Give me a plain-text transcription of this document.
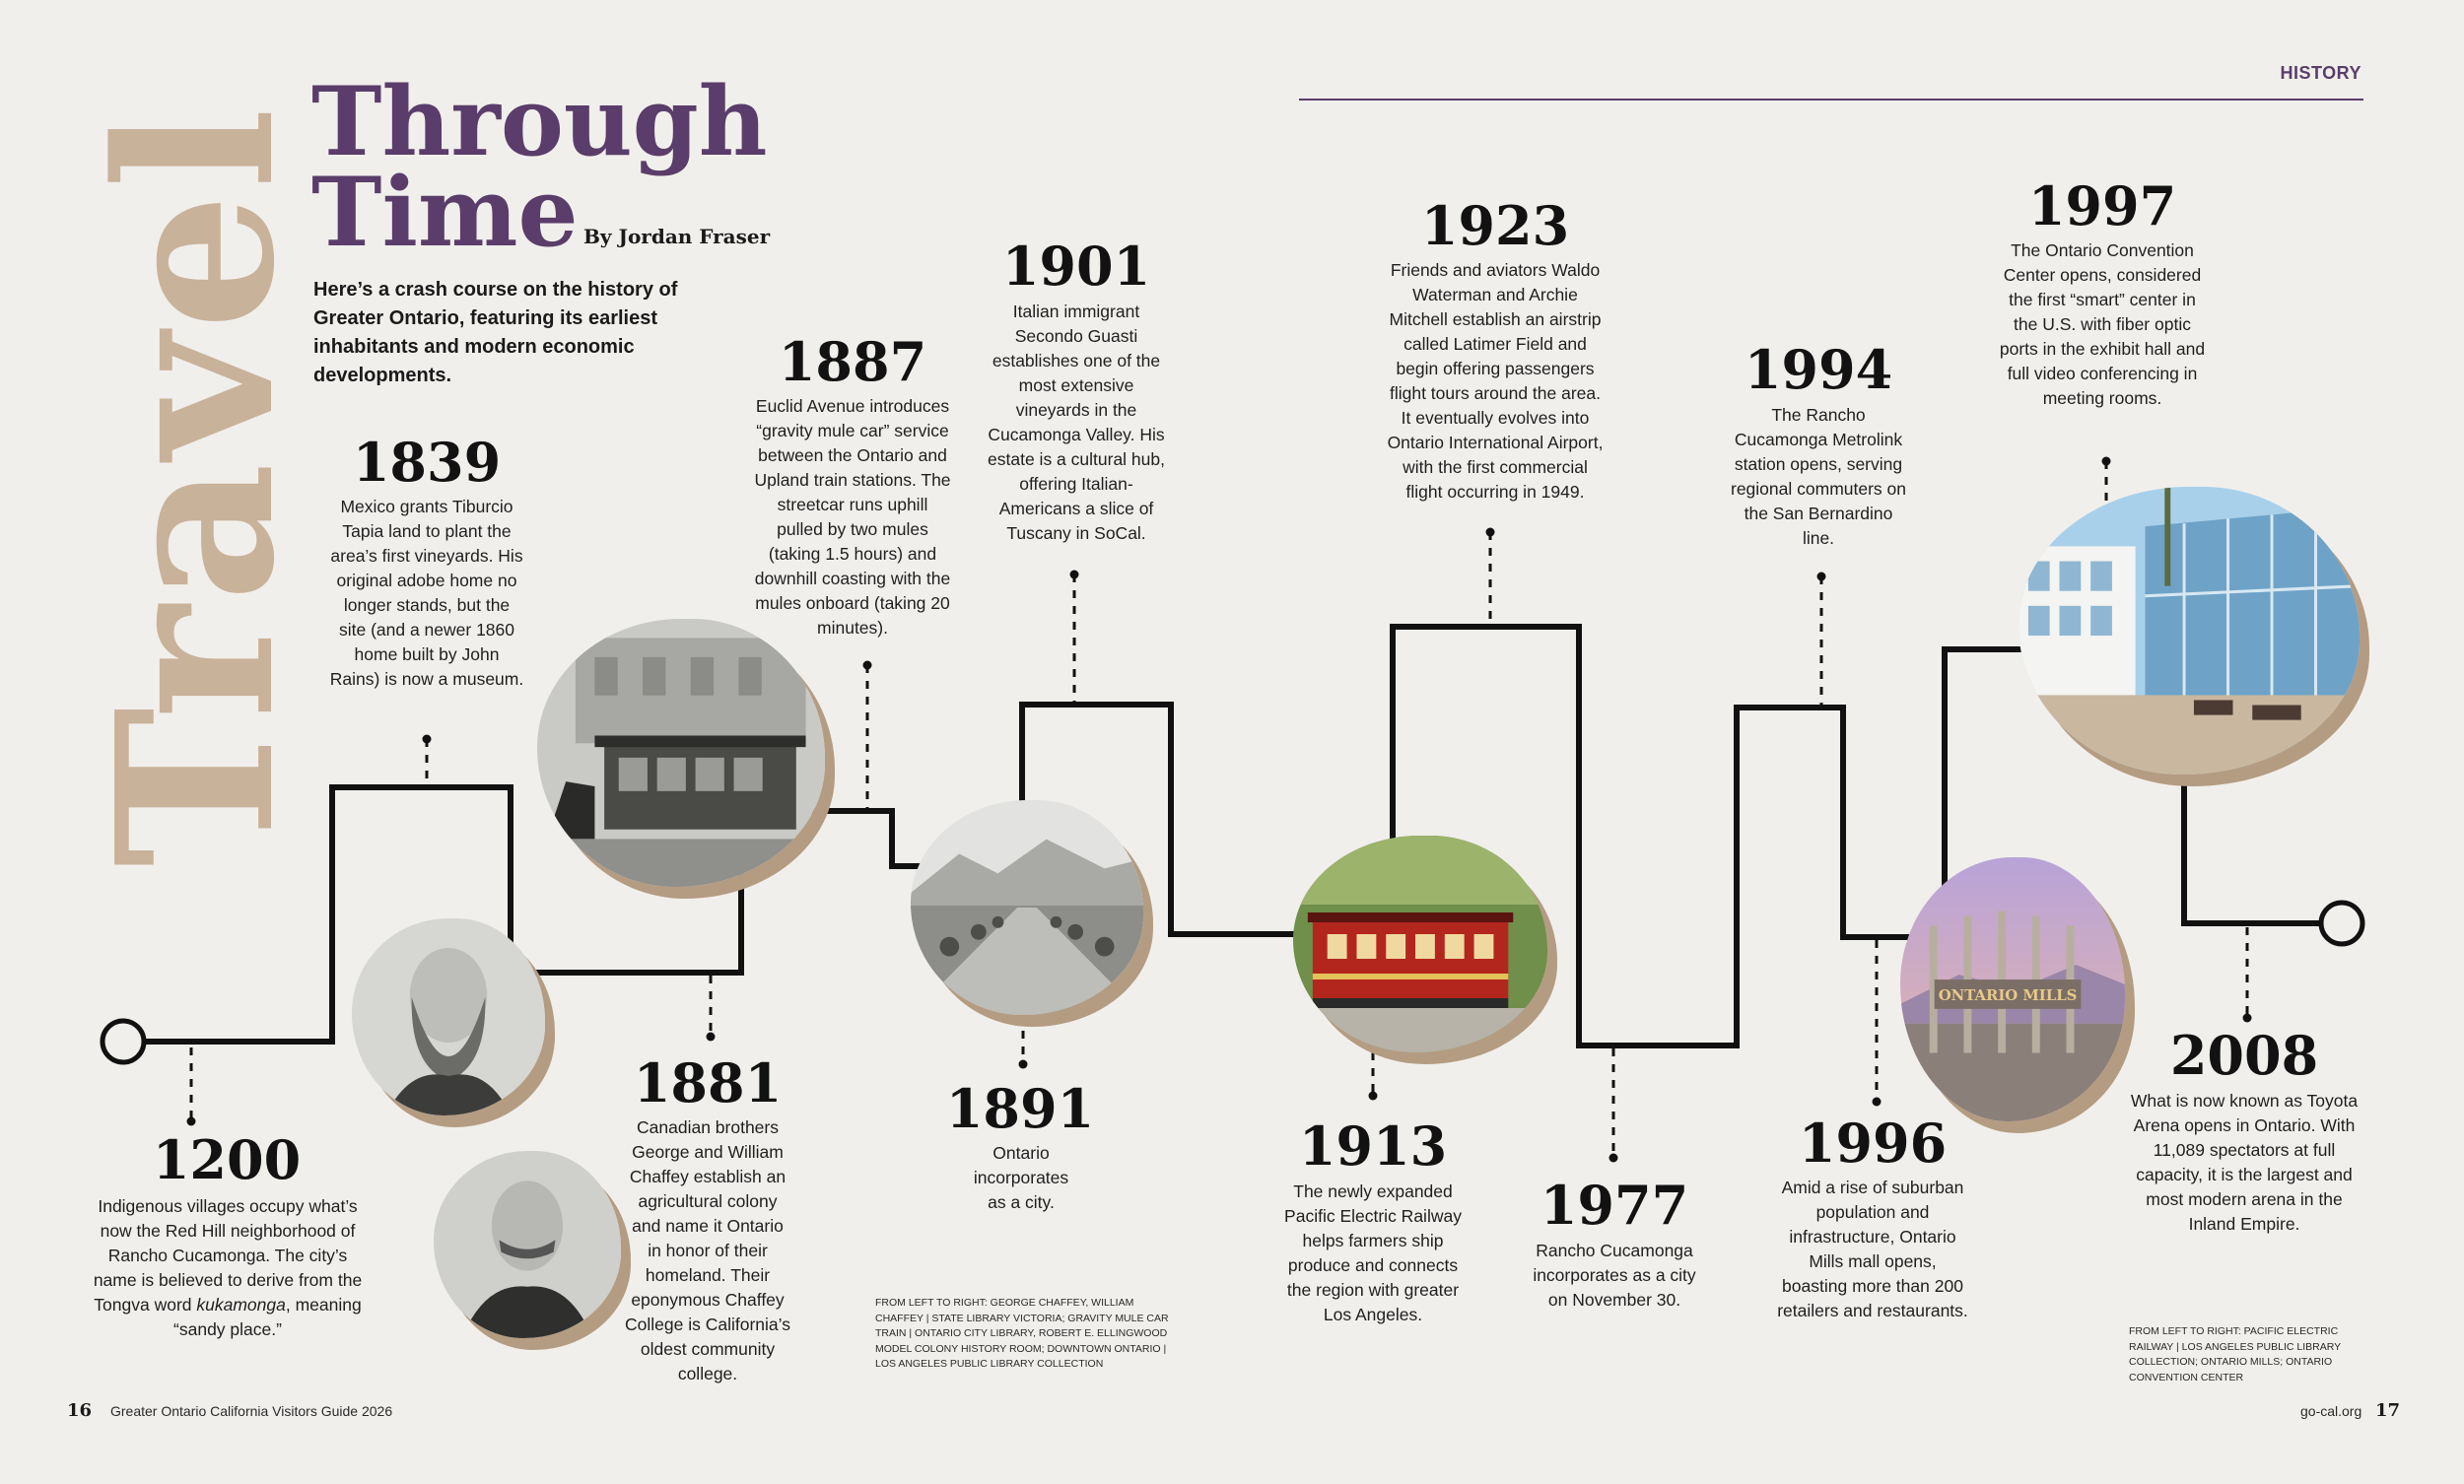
HISTORY
Travel
Through
Time By Jordan Fraser
Here’s a crash course on the history of Greater Ontario, featuring its earliest inhabitants and modern economic developments.
ONTARIO MILLS
1200
Indigenous villages occupy what’s now the Red Hill neighborhood of Rancho Cucamonga. The city’s name is believed to derive from the Tongva word kukamonga, meaning “sandy place.”
1839
Mexico grants Tiburcio Tapia land to plant the area’s first vineyards. His original adobe home no longer stands, but the site (and a newer 1860 home built by John Rains) is now a museum.
1881
Canadian brothers George and William Chaffey establish an agricultural colony and name it Ontario in honor of their homeland. Their eponymous Chaffey College is California’s oldest community college.
1887
Euclid Avenue introduces “gravity mule car” service between the Ontario and Upland train stations. The streetcar runs uphill pulled by two mules (taking 1.5 hours) and downhill coasting with the mules onboard (taking 20 minutes).
1891
Ontario incorporates as a city.
1901
Italian immigrant Secondo Guasti establishes one of the most extensive vineyards in the Cucamonga Valley. His estate is a cultural hub, offering Italian-Americans a slice of Tuscany in SoCal.
1913
The newly expanded Pacific Electric Railway helps farmers ship produce and connects the region with greater Los Angeles.
1923
Friends and aviators Waldo Waterman and Archie Mitchell establish an airstrip called Latimer Field and begin offering passengers flight tours around the area. It eventually evolves into Ontario International Airport, with the first commercial flight occurring in 1949.
1977
Rancho Cucamonga incorporates as a city on November 30.
1994
The Rancho Cucamonga Metrolink station opens, serving regional commuters on the San Bernardino line.
1996
Amid a rise of suburban population and infrastructure, Ontario Mills mall opens, boasting more than 200 retailers and restaurants.
1997
The Ontario Convention Center opens, considered the first “smart” center in the U.S. with fiber optic ports in the exhibit hall and full video conferencing in meeting rooms.
2008
What is now known as Toyota Arena opens in Ontario. With 11,089 spectators at full capacity, it is the largest and most modern arena in the Inland Empire.
FROM LEFT TO RIGHT: GEORGE CHAFFEY, WILLIAM CHAFFEY | STATE LIBRARY VICTORIA; GRAVITY MULE CAR TRAIN | ONTARIO CITY LIBRARY, ROBERT E. ELLINGWOOD MODEL COLONY HISTORY ROOM; DOWNTOWN ONTARIO | LOS ANGELES PUBLIC LIBRARY COLLECTION
FROM LEFT TO RIGHT: PACIFIC ELECTRIC RAILWAY | LOS ANGELES PUBLIC LIBRARY COLLECTION; ONTARIO MILLS; ONTARIO CONVENTION CENTER
16 Greater Ontario California Visitors Guide 2026	go-cal.org 17
